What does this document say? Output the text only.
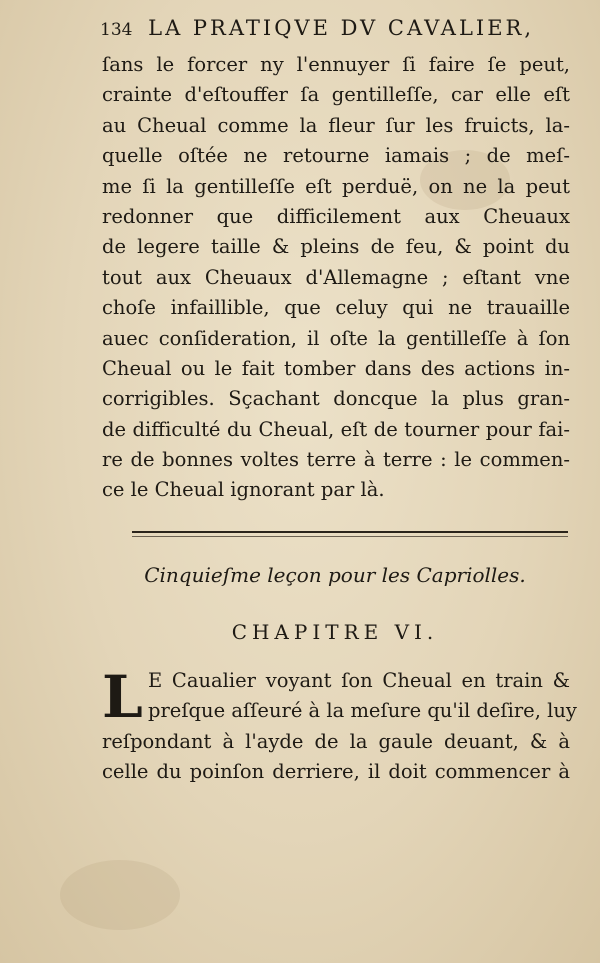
134 LA PRATIQVE DV CAVALIER,
ſans le forcer ny l'ennuyer ſi faire ſe peut,
crainte d'eſtouffer ſa gentilleſſe, car elle eſt
au Cheual comme la fleur ſur les fruicts, la-
quelle oſtée ne retourne iamais ; de meſ-
me ſi la gentilleſſe eſt perduë, on ne la peut
redonner que difficilement aux Cheuaux
de legere taille & pleins de feu, & point du
tout aux Cheuaux d'Allemagne ; eſtant vne
choſe infaillible, que celuy qui ne trauaille
auec conſideration, il oſte la gentilleſſe à ſon
Cheual ou le fait tomber dans des actions in-
corrigibles. Sçachant doncque la plus gran-
de difficulté du Cheual, eſt de tourner pour fai-
re de bonnes voltes terre à terre : le commen-
ce le Cheual ignorant par là.
Cinquieſme leçon pour les Capriolles.
CHAPITRE VI.
L E Caualier voyant ſon Cheual en train &
preſque aſſeuré à la meſure qu'il deſire, luy
reſpondant à l'ayde de la gaule deuant, & à
celle du poinſon derriere, il doit commencer à
